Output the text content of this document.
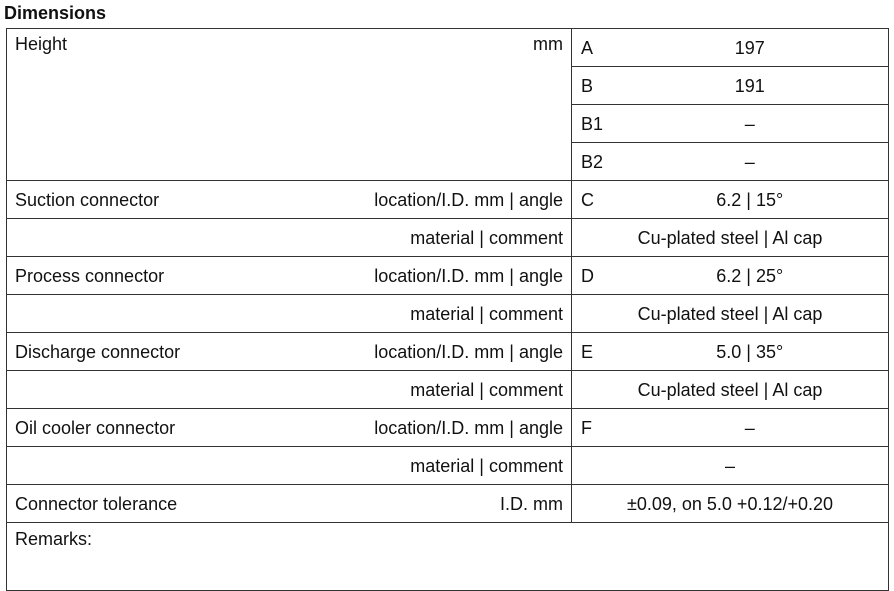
Dimensions
Height	mm	A	197
		B	191
		B1	–
		B2	–
Suction connector	location/I.D. mm | angle	C	6.2 | 15°
	material | comment	Cu-plated steel | Al cap	
Process connector	location/I.D. mm | angle	D	6.2 | 25°
	material | comment	Cu-plated steel | Al cap	
Discharge connector	location/I.D. mm | angle	E	5.0 | 35°
	material | comment	Cu-plated steel | Al cap	
Oil cooler connector	location/I.D. mm | angle	F	–
	material | comment	–	
Connector tolerance	I.D. mm	±0.09, on 5.0 +0.12/+0.20	
Remarks:			
